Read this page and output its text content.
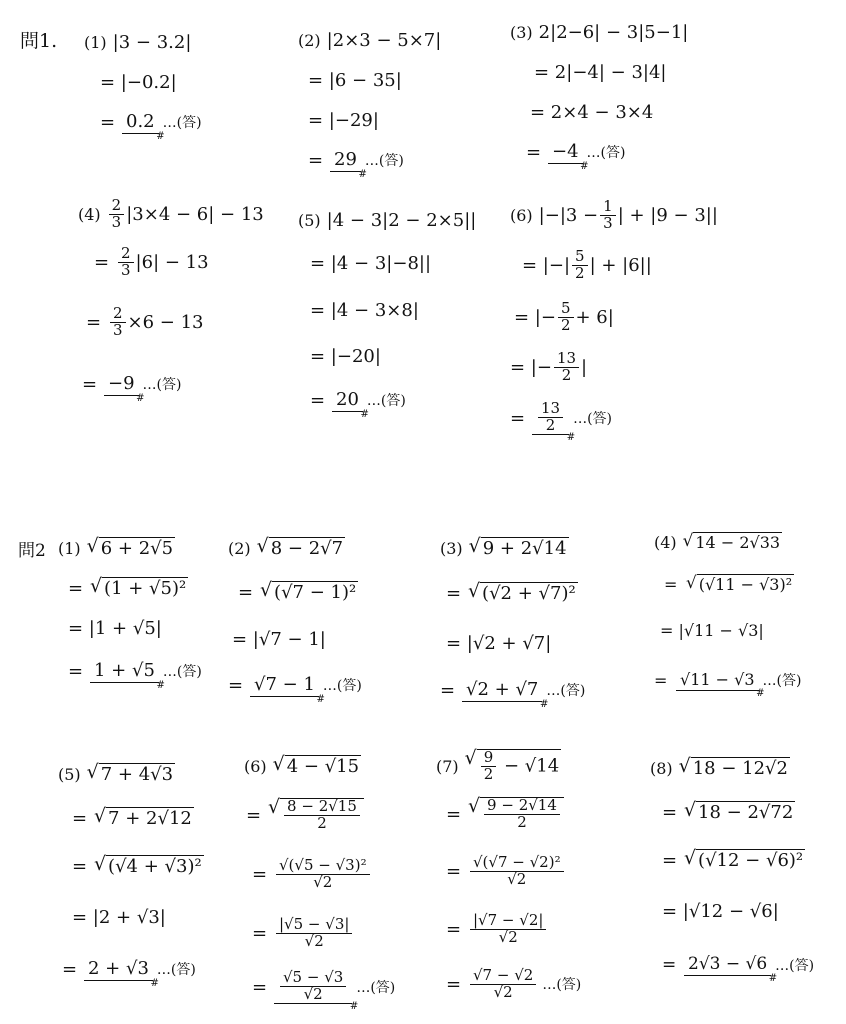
問1. (1) |3 − 3.2|
= |−0.2|
= 0.2 # …(答)
(2) |2×3 − 5×7|
= |6 − 35|
= |−29|
= 29 # …(答)
(3) 2|2−6| − 3|5−1|
= 2|−4| − 3|4|
= 2×4 − 3×4
= −4 # …(答)
$(4) \frac{2}{3} |3\times 4 - 6| - 13$
= $\frac{2}{3} |6| - 13$
= $\frac{2}{3} \times 6 - 13$
= −9 # …(答)
(5) |4 − 3|2 − 2×5||
= |4 − 3|−8||
= |4 − 3×8|
= |−20|
= 20 # …(答)
(6) $|-|3 - \frac{1}{3}$ | + |9 − 3||
= |−| $\frac{5}{2}$ | + |6||
= |− $\frac{5}{2} + 6|$
= |− $\frac{13}{2}$ |
= $\frac{13}{2}$
# …(答)
問2 (1) √ 6 + 2√5
= √ (1 + √5)²
= |1 + √5|
= 1 + √5 # …(答)
(2) √ 8 − 2√7
= √ (√7 − 1)²
= |√7 − 1|
= √7 − 1 # …(答)
(3) √ 9 + 2√14
= √ (√2 + √7)²
= |√2 + √7|
= √2 + √7 # …(答)
(4) √ 14 − 2√33
= √ (√11 − √3)²
= |√11 − √3|
= √11 − √3 # …(答)
(5) √ 7 + 4√3
= √ 7 + 2√12
= √ (√4 + √3)²
= |2 + √3|
= 2 + √3 # …(答)
(6) √ 4 − √15
= √ $\frac{8 - 2√15}{2}$
= $\frac{\text{√(√5 − √3)²}}{√2}$
= $\frac{|√5 - √3|}{√2}$
= $\frac{√5 - √3}{√2}$
# …(答)
(7) √ $\frac{9}{2} - √14$
= √ $\frac{9 - 2√14}{2}$
= $\frac{\text{√(√7 − √2)²}}{√2}$
= $\frac{|√7 - √2|}{√2}$
= $\frac{√7 - √2}{√2}$ …(答)
(8) √ 18 − 12√2
= √ 18 − 2√72
= √ (√12 − √6)²
= |√12 − √6|
= 2√3 − √6 # …(答)
